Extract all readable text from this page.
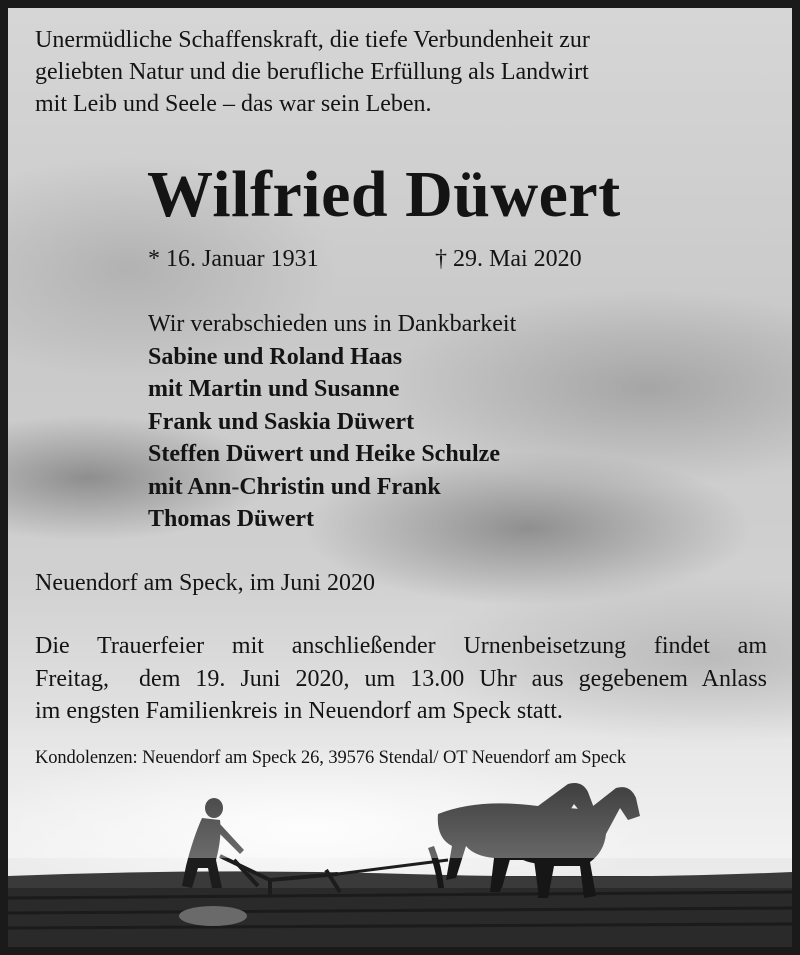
Unermüdliche Schaffenskraft, die tiefe Verbundenheit zur
geliebten Natur und die berufliche Erfüllung als Landwirt
mit Leib und Seele – das war sein Leben.
Wilfried Düwert
* 16. Januar 1931	† 29. Mai 2020
Wir verabschieden uns in Dankbarkeit
Sabine und Roland Haas
mit Martin und Susanne
Frank und Saskia Düwert
Steffen Düwert und Heike Schulze
mit Ann-Christin und Frank
Thomas Düwert
Neuendorf am Speck, im Juni 2020
Die Trauerfeier mit anschließender Urnenbeisetzung findet am
Freitag,  dem 19. Juni 2020, um 13.00 Uhr aus gegebenem Anlass
im engsten Familienkreis in Neuendorf am Speck statt.
Kondolenzen: Neuendorf am Speck 26, 39576 Stendal/ OT Neuendorf am Speck
